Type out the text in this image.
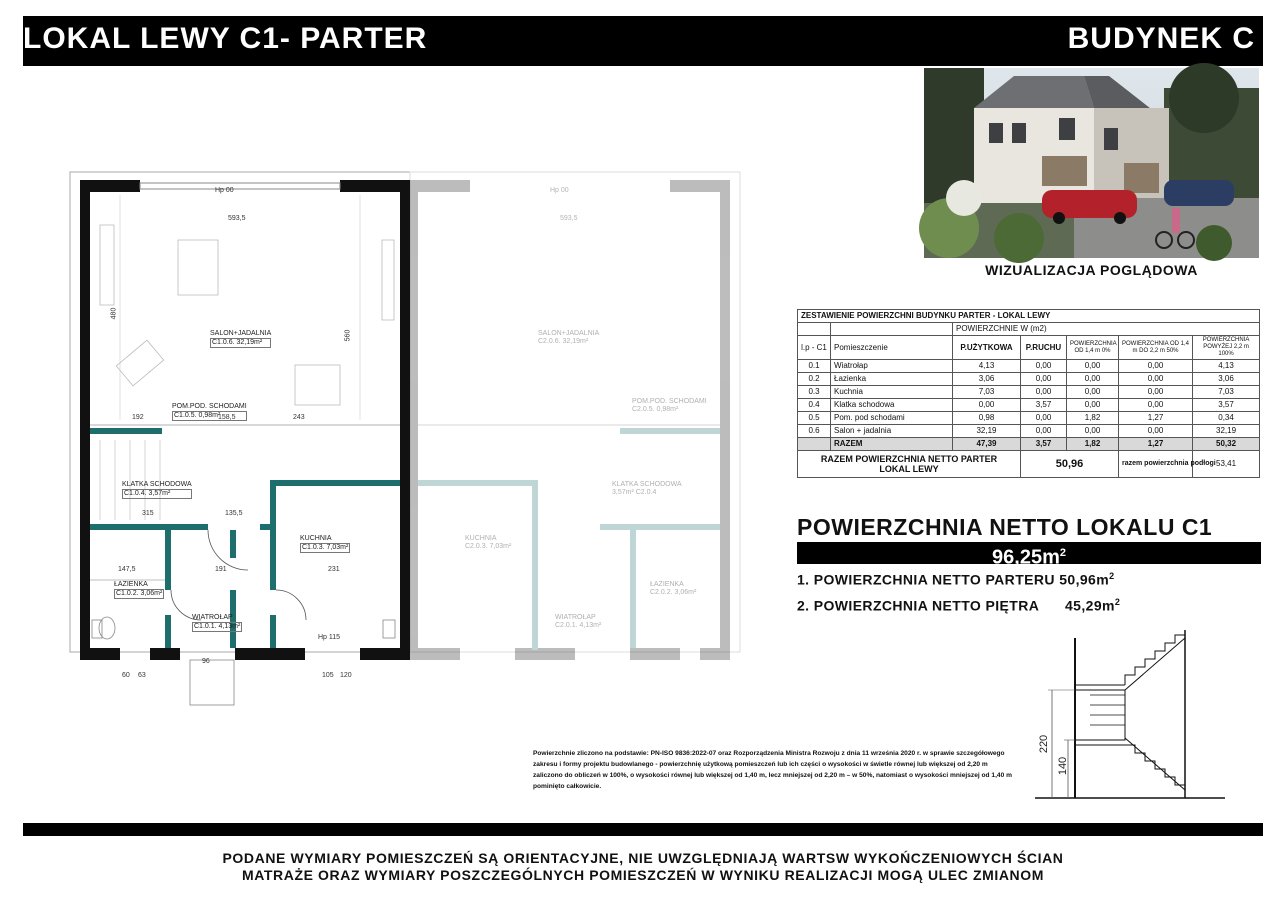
LOKAL LEWY C1- PARTER	BUDYNEK C
WIZUALIZACJA POGLĄDOWA
Hp 00
593,5
480
560
SALON+JADALNIA
C1.0.6. 32,19m²
POM.POD. SCHODAMI
C1.0.5. 0,98m²
192	158,5	243
KLATKA SCHODOWA
C1.0.4. 3,57m²
315	135,5
KUCHNIA
C1.0.3. 7,03m²
147,5	191	231
ŁAZIENKA
C1.0.2. 3,06m²
WIATROŁAP
C1.0.1. 4,13m²
Hp 115
96
105 120
60 63
Hp 00
593,5
SALON+JADALNIA
C2.0.6. 32,19m²
POM.POD. SCHODAMI
C2.0.5. 0,98m²
KLATKA SCHODOWA
3,57m² C2.0.4
KUCHNIA
C2.0.3. 7,03m²
ŁAZIENKA
C2.0.2. 3,06m²
WIATROŁAP
C2.0.1. 4,13m²
ZESTAWIENIE POWIERZCHNI BUDYNKU PARTER - LOKAL LEWY						
		POWIERZCHNIE W (m2)				
l.p - C1	Pomieszczenie	P.UŻYTKOWA	P.RUCHU	POWIERZCHNIA OD 1,4 m 0%	POWIERZCHNIA OD 1,4 m DO 2,2 m 50%	POWIERZCHNIA POWYŻEJ 2,2 m 100%
0.1	Wiatrołap	4,13	0,00	0,00	0,00	4,13
0.2	Łazienka	3,06	0,00	0,00	0,00	3,06
0.3	Kuchnia	7,03	0,00	0,00	0,00	7,03
0.4	Klatka schodowa	0,00	3,57	0,00	0,00	3,57
0.5	Pom. pod schodami	0,98	0,00	1,82	1,27	0,34
0.6	Salon + jadalnia	32,19	0,00	0,00	0,00	32,19
	RAZEM	47,39	3,57	1,82	1,27	50,32

RAZEM POWIERZCHNIA NETTO PARTER
LOKAL LEWY			50,96		razem powierzchnia podłogi	53,41
POWIERZCHNIA NETTO LOKALU C1
$96,25m^2$
1. POWIERZCHNIA NETTO PARTERU $50,96m^2$
2. POWIERZCHNIA NETTO PIĘTRA $45,29m^2$
220
140
Powierzchnie zliczono na podstawie: PN-ISO 9836:2022-07 oraz Rozporządzenia Ministra Rozwoju z dnia 11 września 2020 r. w sprawie szczegółowego zakresu i formy projektu budowlanego - powierzchnię użytkową pomieszczeń lub ich części o wysokości w świetle równej lub większej od 2,20 m zaliczono do obliczeń w 100%, o wysokości równej lub większej od 1,40 m, lecz mniejszej od 2,20 m – w 50%, natomiast o wysokości mniejszej od 1,40 m pominięto całkowicie.
PODANE WYMIARY POMIESZCZEŃ SĄ ORIENTACYJNE, NIE UWZGLĘDNIAJĄ WARTSW WYKOŃCZENIOWYCH ŚCIAN
MATRAŻE ORAZ WYMIARY POSZCZEGÓLNYCH POMIESZCZEŃ W WYNIKU REALIZACJI MOGĄ ULEC ZMIANOM
